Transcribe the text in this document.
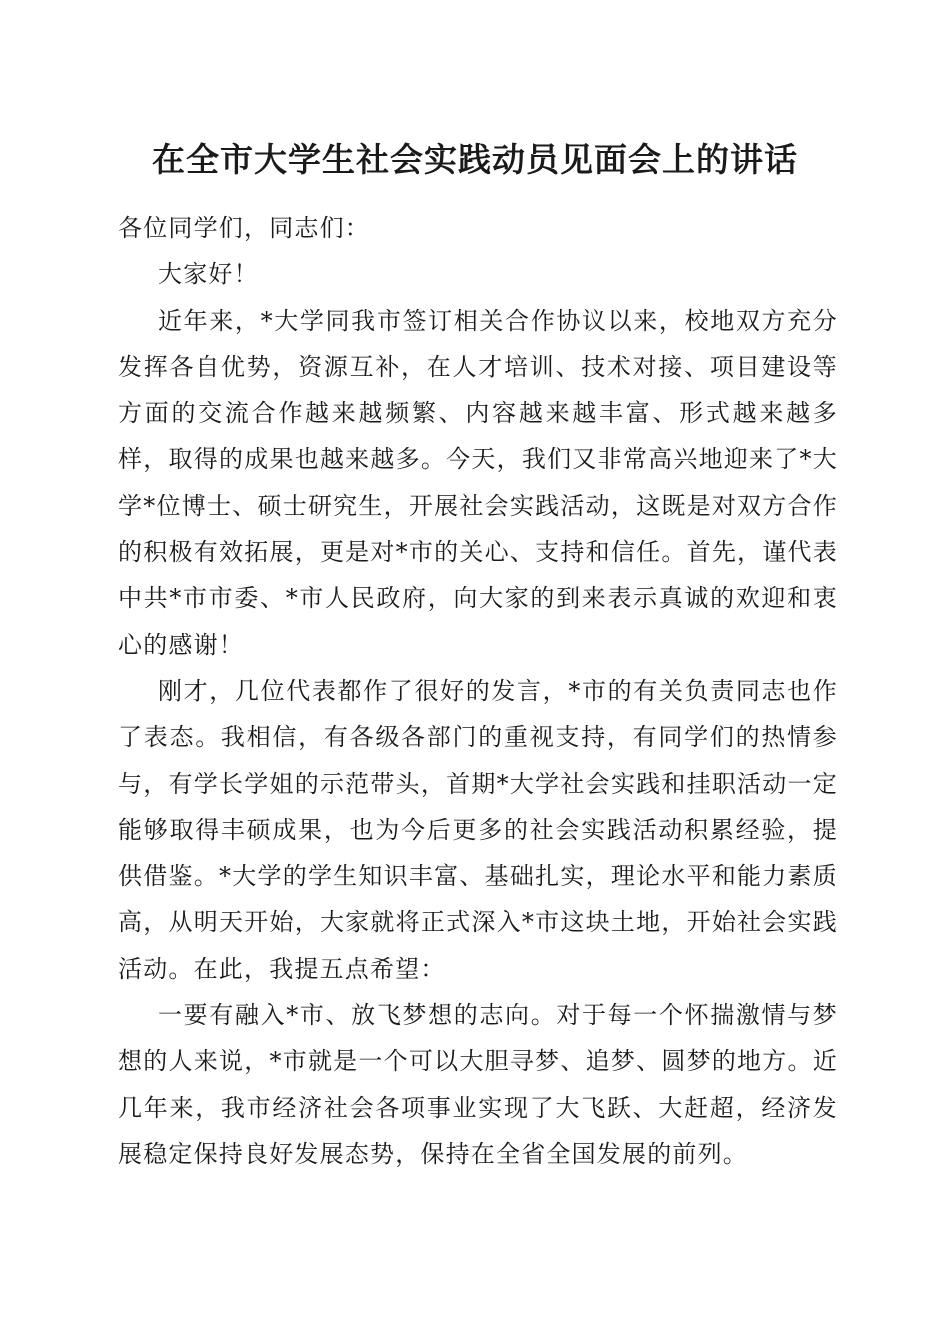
在全市大学生社会实践动员见面会上的讲话

各位同学们，同志们：

大家好！

近年来，*大学同我市签订相关合作协议以来，校地双方充分发挥各自优势，资源互补，在人才培训、技术对接、项目建设等方面的交流合作越来越频繁、内容越来越丰富、形式越来越多样，取得的成果也越来越多。今天，我们又非常高兴地迎来了*大学*位博士、硕士研究生，开展社会实践活动，这既是对双方合作的积极有效拓展，更是对*市的关心、支持和信任。首先，谨代表中共*市市委、*市人民政府，向大家的到来表示真诚的欢迎和衷心的感谢！

刚才，几位代表都作了很好的发言，*市的有关负责同志也作了表态。我相信，有各级各部门的重视支持，有同学们的热情参与，有学长学姐的示范带头，首期*大学社会实践和挂职活动一定能够取得丰硕成果，也为今后更多的社会实践活动积累经验，提供借鉴。*大学的学生知识丰富、基础扎实，理论水平和能力素质高，从明天开始，大家就将正式深入*市这块土地，开始社会实践活动。在此，我提五点希望：

一要有融入*市、放飞梦想的志向。对于每一个怀揣激情与梦想的人来说，*市就是一个可以大胆寻梦、追梦、圆梦的地方。近几年来，我市经济社会各项事业实现了大飞跃、大赶超，经济发展稳定保持良好发展态势，保持在全省全国发展的前列。
